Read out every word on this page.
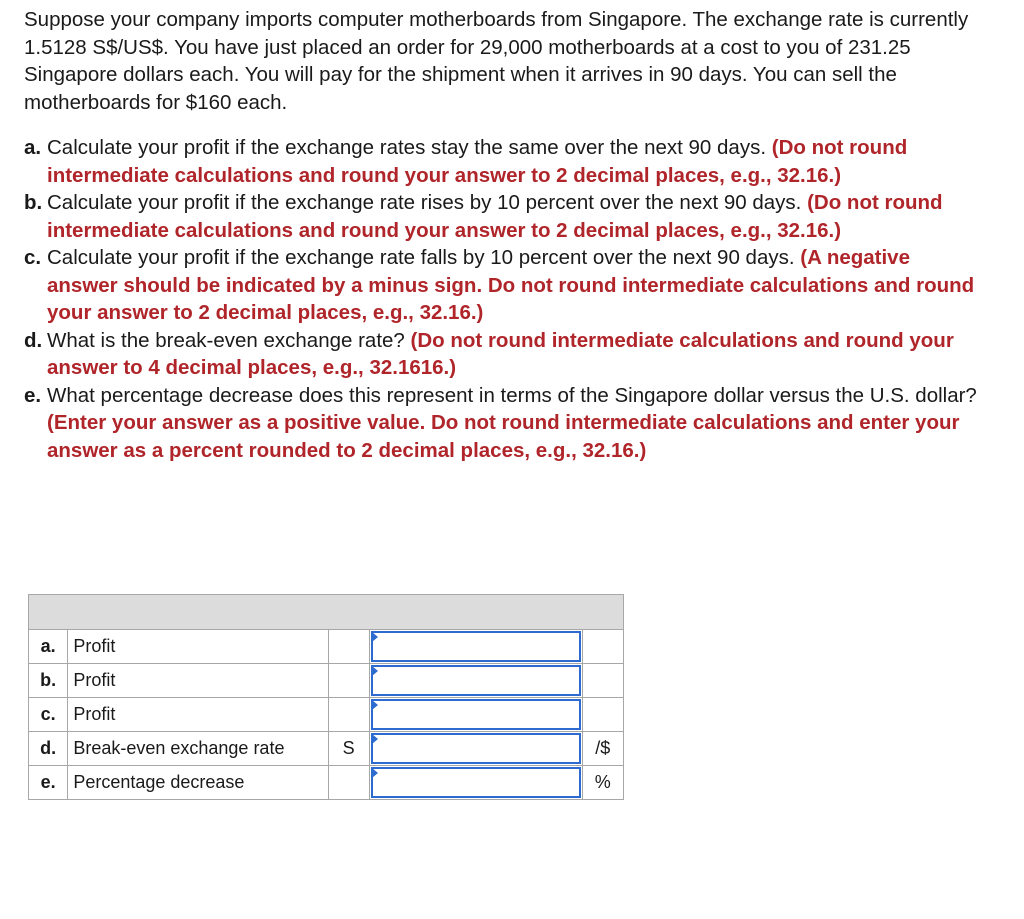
Suppose your company imports computer motherboards from Singapore. The exchange rate is currently 1.5128 S$/US$. You have just placed an order for 29,000 motherboards at a cost to you of 231.25 Singapore dollars each. You will pay for the shipment when it arrives in 90 days. You can sell the motherboards for $160 each.

a. Calculate your profit if the exchange rates stay the same over the next 90 days. (Do not round intermediate calculations and round your answer to 2 decimal places, e.g., 32.16.)
b. Calculate your profit if the exchange rate rises by 10 percent over the next 90 days. (Do not round intermediate calculations and round your answer to 2 decimal places, e.g., 32.16.)
c. Calculate your profit if the exchange rate falls by 10 percent over the next 90 days. (A negative answer should be indicated by a minus sign. Do not round intermediate calculations and round your answer to 2 decimal places, e.g., 32.16.)
d. What is the break-even exchange rate? (Do not round intermediate calculations and round your answer to 4 decimal places, e.g., 32.1616.)
e. What percentage decrease does this represent in terms of the Singapore dollar versus the U.S. dollar? (Enter your answer as a positive value. Do not round intermediate calculations and enter your answer as a percent rounded to 2 decimal places, e.g., 32.16.)

a.	Profit		

b.	Profit		

c.	Profit		

d.	Break-even exchange rate	S		/$
e.	Percentage decrease			%
